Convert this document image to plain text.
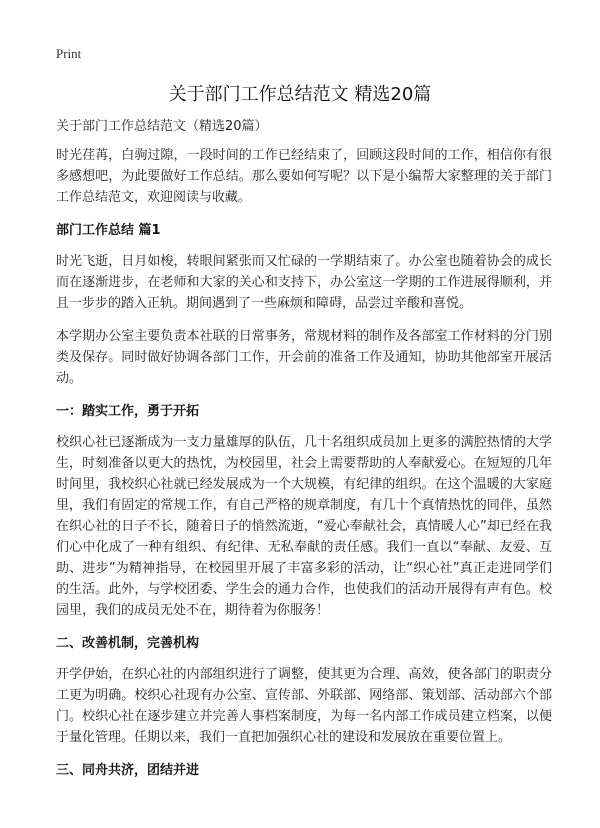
Print
关于部门工作总结范文 精选20篇

关于部门工作总结范文（精选20篇）

时光荏苒，白驹过隙，一段时间的工作已经结束了，回顾这段时间的工作，相信你有很多感想吧，为此要做好工作总结。那么要如何写呢？以下是小编帮大家整理的关于部门工作总结范文，欢迎阅读与收藏。

部门工作总结 篇1

时光飞逝，日月如梭，转眼间紧张而又忙碌的一学期结束了。办公室也随着协会的成长而在逐渐进步，在老师和大家的关心和支持下，办公室这一学期的工作进展得顺利，并且一步步的踏入正轨。期间遇到了一些麻烦和障碍，品尝过辛酸和喜悦。

本学期办公室主要负责本社联的日常事务，常规材料的制作及各部室工作材料的分门别类及保存。同时做好协调各部门工作，开会前的准备工作及通知，协助其他部室开展活动。

一：踏实工作，勇于开拓

校织心社已逐渐成为一支力量雄厚的队伍，几十名组织成员加上更多的满腔热情的大学生，时刻准备以更大的热忱，为校园里，社会上需要帮助的人奉献爱心。在短短的几年时间里，我校织心社就已经发展成为一个大规模，有纪律的组织。在这个温暖的大家庭里，我们有固定的常规工作，有自己严格的规章制度，有几十个真情热忱的同伴，虽然在织心社的日子不长，随着日子的悄然流逝，“爱心奉献社会，真情暖人心”却已经在我们心中化成了一种有组织、有纪律、无私奉献的责任感。我们一直以“奉献、友爱、互助、进步”为精神指导，在校园里开展了丰富多彩的活动，让“织心社”真正走进同学们的生活。此外，与学校团委、学生会的通力合作，也使我们的活动开展得有声有色。校园里，我们的成员无处不在，期待着为你服务！

二、改善机制，完善机构

开学伊始，在织心社的内部组织进行了调整，使其更为合理、高效，使各部门的职责分工更为明确。校织心社现有办公室、宣传部、外联部、网络部、策划部、活动部六个部门。校织心社在逐步建立并完善人事档案制度，为每一名内部工作成员建立档案，以便于量化管理。任期以来，我们一直把加强织心社的建设和发展放在重要位置上。

三、同舟共济，团结并进
